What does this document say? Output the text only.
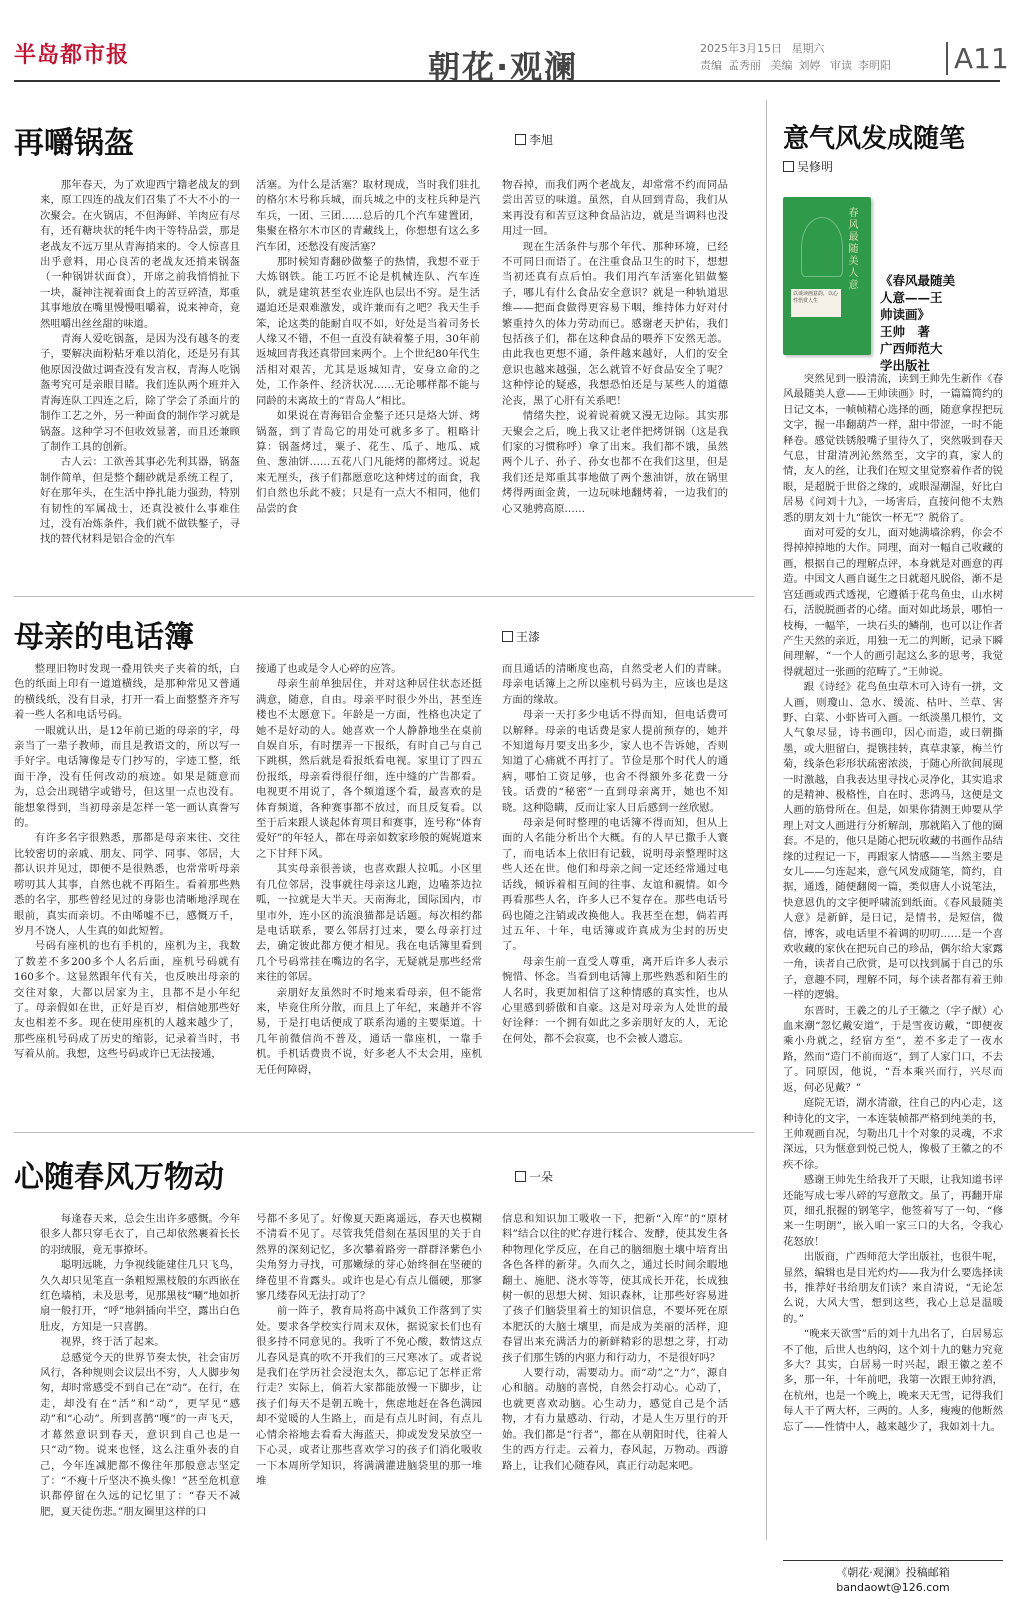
半岛都市报	朝花·观澜	2025年3月15日 星期六
责编 孟秀丽 美编 刘婷 审读 李明阳 A11
再嚼锅盔	李旭

那年春天，为了欢迎西宁籍老战友的到来，原工四连的战友们召集了不大不小的一次聚会。在火锅店，不但海鲜、羊肉应有尽有，还有糖块状的牦牛肉干等特品尝，那是老战友不远万里从青海捎来的。令人惊喜且出乎意料，用心良苦的老战友还捎来锅盔（一种锅饼状面食），开席之前我悄悄扯下一块，凝神注视着面食上的苦豆碎渣，郑重其事地放在嘴里慢慢咀嚼着，说来神奇，竟然咀嚼出丝丝甜的味道。

青海人爱吃锅盔，是因为没有越冬的麦子，要解决面粉粘牙难以消化，还是另有其他原因没做过调查没有发言权，青海人吃锅盔考究可是亲眼目睹。我们连队两个班并入青海连队工四连之后，除了学会了杀面片的制作工艺之外，另一种面食的制作学习就是锅盔。这种学习不但收效显著，而且还兼顾了制作工具的创新。

古人云：工欲善其事必先利其器，锅盔制作简单，但是整个翻砂就是系统工程了，好在那年头，在生活中挣扎能力强劲，特别有韧性的军属战士，还真没被什么事难住过，没有冶炼条件，我们就不做铁鏊子，寻找的替代材料是铝合金的汽车

活塞。为什么是活塞？取材现成，当时我们驻扎的格尔木号称兵城，而兵城之中的支柱兵种是汽车兵，一团、三团……总后的几个汽车建置团，集聚在格尔木市区的青藏线上，你想想有这么多汽车团，还愁没有废活塞？

那时候知青翻砂做鏊子的热情，我想不亚于大炼钢铁。能工巧匠不论是机械连队、汽车连队，就是建筑甚至农业连队也层出不穷。是生活逼迫还是艰难激发，或许兼而有之吧？我天生手笨，论这类的能耐自叹不如，好处是当着司务长人缘又不错，不但一直没有缺着鏊子用，30年前返城回青我还真带回来两个。上个世纪80年代生活相对艰苦，尤其是返城知青，安身立命的之处，工作条件、经济状况……无论哪样都不能与同龄的未离故土的“青岛人”相比。

如果说在青海铝合金鏊子还只是烙大饼、烤锅盔，到了青岛它的用处可就多多了。粗略计算：锅盔烤过，粟子、花生、瓜子、地瓜、咸鱼、葱油饼……五花八门凡能烤的都烤过。说起来无厘头，孩子们都愿意吃这种烤过的面食，我们自然也乐此不疲；只是有一点大不相同，他们品尝的食

物吞掉，而我们两个老战友，却常常不约而同品尝出苦豆的味道。虽然，自从回到青岛，我们从来再没有和苦豆这种食品沾边，就是当调料也没用过一回。

现在生活条件与那个年代、那种环境，已经不可同日而语了。在注重食品卫生的时下，想想当初还真有点后怕。我们用汽车活塞化铝做鏊子，哪儿有什么食品安全意识？就是一种轨道思维——把面食做得更容易下咽，维持体力好对付繁重持久的体力劳动而已。感谢老天护佑，我们包括孩子们，都在这种食品的喂养下安然无恙。由此我也更想不通，条件越来越好，人们的安全意识也越来越强，怎么就管不好食品安全了呢？这种悖论的疑惑，我想恐怕还是与某些人的道德沦丧，黑了心肝有关系吧！

情绪失控，说着说着就又漫无边际。其实那天聚会之后，晚上我又让老伴把烤饼锅（这是我们家的习惯称呼）拿了出来。我们都不饿，虽然两个儿子、孙子、孙女也都不在我们这里，但是我们还是郑重其事地做了两个葱油饼，放在锅里烤得两面金黄，一边玩味地翻烤着，一边我们的心又驰骋高原……

母亲的电话簿	王漆

整理旧物时发现一叠用铁夹子夹着的纸，白色的纸面上印有一道道横线，是那种常见又普通的横线纸，没有目录，打开一看上面整整齐齐写着一些人名和电话号码。

一眼就认出，是12年前已逝的母亲的字，母亲当了一辈子教师，而且是教语文的，所以写一手好字。电话簿像是专门抄写的，字迹工整，纸面干净，没有任何改动的痕迹。如果是随意而为，总会出现错字或错号，但这里一点也没有。能想象得到，当初母亲是怎样一笔一画认真誊写的。

有许多名字很熟悉，那都是母亲来往、交往比较密切的亲戚、朋友、同学、同事、邻居，大都认识并见过，即便不是很熟悉，也常常听母亲唠叨其人其事，自然也就不再陌生。看着那些熟悉的名字，那些曾经见过的身影也清晰地浮现在眼前，真实而亲切。不由唏嘘不已，感慨万千，岁月不饶人，人生真的如此短暂。

号码有座机的也有手机的，座机为主，我数了数差不多200多个人名后面，座机号码就有160多个。这显然跟年代有关，也反映出母亲的交往对象，大都以居家为主，且都不是小年纪了。母亲假如在世，正好是百岁，相信她那些好友也相差不多。现在使用座机的人越来越少了，那些座机号码成了历史的缩影，记录着当时，书写着从前。我想，这些号码或许已无法接通，

接通了也或是令人心碎的应答。

母亲生前单独居住，并对这种居住状态还挺满意，随意，自由。母亲平时很少外出，甚至连楼也不太愿意下。年龄是一方面，性格也决定了她不是好动的人。她喜欢一个人静静地坐在桌前自娱自乐，有时摆弄一下报纸，有时自己与自己下跳棋，然后就是看报纸看电视。家里订了四五份报纸，母亲看得很仔细，连中缝的广告都看。电视更不用说了，各个频道逐个看，最喜欢的是体育频道，各种赛事都不放过，而且反复看。以至于后来跟人谈起体育项目和赛事，连号称“体育爱好”的年轻人，都在母亲如数家珍般的娓娓道来之下甘拜下风。

其实母亲很善谈，也喜欢跟人拉呱。小区里有几位邻居，没事就往母亲这儿跑，边嗑茶边拉呱，一拉就是大半天。天南海北，国际国内，市里市外，连小区的流浪猫都是话题。每次相约都是电话联系，要么邻居打过来，要么母亲打过去，确定彼此都方便才相见。我在电话簿里看到几个号码常挂在嘴边的名字，无疑就是那些经常来往的邻居。

亲朋好友虽然时不时地来看母亲，但不能常来，毕竟住所分散，而且上了年纪，来趟并不容易，于是打电话便成了联系沟通的主要渠道。十几年前微信尚不普及，通话一靠座机，一靠手机。手机话费贵不说，好多老人不太会用，座机无任何障碍，

而且通话的清晰度也高，自然受老人们的青睐。母亲电话簿上之所以座机号码为主，应该也是这方面的缘故。

母亲一天打多少电话不得而知，但电话费可以解释。母亲的电话费是家人提前预存的，她并不知道每月要支出多少，家人也不告诉她，否则知道了心痛就不再打了。节俭是那个时代人的通病，哪怕工资足够，也舍不得额外多花费一分钱。话费的“秘密”一直到母亲离开，她也不知晓。这种隐瞒，反而让家人日后感到一丝欣慰。

母亲是何时整理的电话簿不得而知，但从上面的人名能分析出个大概。有的人早已撒手人寰了，而电话本上依旧有记载，说明母亲整理时这些人还在世。他们和母亲之间一定还经常通过电话线，倾诉着相互间的往事、友谊和親情。如今再看那些人名，许多人已不复存在。那些电话号码也随之注销或改换他人。我甚至在想，倘若再过五年、十年，电话簿或许真成为尘封的历史了。

母亲生前一直受人尊重，离开后许多人表示惋惜、怀念。当看到电话簿上那些熟悉和陌生的人名时，我更加相信了这种情感的真实性，也从心里感到骄傲和自豪。这是对母亲为人处世的最好诠释：一个拥有如此之多亲朋好友的人，无论在何处，都不会寂寞，也不会被人遗忘。

心随春风万物动	一朵

每逢春天来，总会生出许多感慨。今年很多人都只穿毛衣了，自己却依然裹着长长的羽绒服，竟无事撩坏。

聪明远眺，力争视线能建住几只飞鸟，久久却只见笔直一条粗短黑枝般的东西嵌在红色墙梢，未及思考，见那黑枝“唰”地如折扇一般打开，“呼”地斜插向半空，露出白色肚皮，方知是一只喜鹊。

视界，终于活了起来。

总感觉今天的世界节奏太快，社会宙厉风行，各种规则会议层出不穷，人人脚步匆匆，却时常感受不到自己在“动”。在行，在走，却没有在“活”和“动”，更罕见“感动”和“心动”。所到喜鹊“嘎”的一声飞天，才幕然意识到春天，意识到自己也是一只“动”物。说来也怪，这么注重外表的自己，今年连减肥都不像往年那般意志坚定了：“不瘦十斤坚决不换头像！”甚至危机意识都停留在久远的记忆里了：“春天不减肥，夏天徒伤悲。”朋友圈里这样的口

号都不多见了。好像夏天距离遥远，春天也模糊不清看不见了。尽管我凭借刻在基因里的关于自然界的深刻记忆，多次攀着路旁一群群泽紫色小尖角努力寻找，可那嫩绿的芽心始终徊在坚硬的绛苞里不肯露头。或许也是心有点儿僵硬，那寥寥几缕春风无法打动了？

前一阵子，教育局将高中减负工作落到了实处。要求各学校实行周末双休，据说家长们也有很多持不同意见的。我听了不免心酸，数情这点儿春风是真的吹不开我们的三尺寒冰了。或者说是我们在学历社会浸泡太久，都忘记了怎样正常行走？实际上，倘若大家都能放慢一下脚步，让孩子们每天不是朝五晚十，焦虑地赶在各色满园却不觉暖的人生路上，而是有点儿时间，有点儿心情余裕地去看看大海蓝天，抑或发发呆放空一下心灵，或者让那些喜欢学习的孩子们消化吸收一下本周所学知识，将满满灌进脑袋里的那一堆堆

信息和知识加工吸收一下，把新“入库”的“原材料”结合以往的贮存进行糅合、发酵，使其发生各种物理化学反应，在自己的脑细胞土壤中培育出各色各样的新芽。久而久之，通过长时间余暇地翻土、施肥、浇水等等，使其成长开花，长成独树一帜的思想大树、知识森林，让那些好容易进了孩子们脑袋里着土的知识信息，不要坏死在原本肥沃的大脑土壤里，而是成为美丽的活样，迎春冒出来充满活力的新鲜精彩的思想之芽，打动孩子们那生锈的内驱力和行动力，不是很好吗？

人要行动，需要动力。而“动”之“力”，源自心和脑。动脑的喜悦，自然会打动心。心动了，也就更喜欢动脑。心生动力，感觉自己是个活物，才有力量感动、行动，才是人生万里行的开始。我们都是“行者”，都在从朝阳时代，往着人生的西方行走。云着力，春风起，万物动。西游路上，让我们心随春风，真正行动起来吧。

意气风发成随笔
吴修明
春风最随美人意
以谈读画意韵，以心性悟赏人生
《春风最随美
人意——王
帅读画》
王帅　著
广西师范大
学出版社

突然见到一股清流，读到王帅先生新作《春风最随美人意——王帅读画》时，一篇篇简约的日记文本，一帧帧精心选择的画，随意拿捏把玩文字，握一串翻葫芦一样，甜中带涩，一时不能释卷。感觉铁锈般嘴子里待久了，突然吸到春天气息，甘甜清冽沁然然至，文字的真，家人的情，友人的丝，让我们在短文里觉察着作者的锐眼，是超脱于世俗之缘的，或眼湿潮湿，好比白居易《问刘十九》，一场害后，直接问他不太熟悉的朋友刘十九“能饮一杯无”？脱俗了。

面对可爱的女儿，面对她满墙涂鸦，你会不得掉掉掉地的大作。同理，面对一幅自己收藏的画，根据自己的理解点评，本身就是对画意的再造。中国文人画自诞生之日就超凡脱俗，渐不是宫廷画或西式透视，它遵循于花鸟鱼虫，山水树石，活脱脱画者的心绪。面对如此场景，哪怕一枝梅，一幅竿，一块石头的鳞削，也可以让作者产生天然的亲近，用独一无二的判断，记录下瞬间理解，“一个人的画引起这么多的思考，我觉得就超过一张画的范畴了。”王帅说。

跟《诗经》花鸟鱼虫草木可入诗有一拼，文人画，则瓊山、急水、缓流、枯叶、兰草、害野、白菜、小虾皆可入画。一纸淡墨几根竹，文人气象尽显，诗书画印，因心而造，或曰朝撕墨，或大胆留白，提镌挂转，真草隶篆，梅兰竹菊，线条色彩形状疏密浓淡，于随心所欲间展现一时激越，自我表达里寻找心灵净化，其实追求的是精神、极格性，自在时、悲鸿马，这便是文人画的筋骨所在。但是，如果你猜测王帅要从学理上对文人画进行分析解剖，那就陷入了他的圈套。不是的，他只是随心把玩收藏的书画作品结缘的过程记一下，再跟家人情感——当然主要是女儿——匀连起来，意气风发成随笔，简约，自据，通透，随便翻阅一篇，类似唐人小说笔法，快意恩仇的文字便呼啸流到纸面。《春风最随美人意》是新鲜，是日记，是情书，是短信，微信，博客，或电话里不着调的叨叨……是一个喜欢收藏的家伙在把玩自己的珍品，偶尔给大家露一角，读者自己欣赏，是可以找到属于自己的乐子，意趣不同，理解不同，每个读者都有着王帅一样的逻辑。

东晋时，王羲之的儿子王徽之（字子猷）心血来潮“忽忆戴安道”，于是雪夜访戴，“即便夜乘小舟就之，经宿方至”，差不多走了一夜水路，然而“造门不前而返”，到了人家门口，不去了。同原因，他说，“吾本乘兴而行，兴尽而返，何必见戴？”

庭院无语，湖水清澈，往自己的内心走，这种诗化的文字，一本连装帧都严格到纯美的书，王帅观画自况，匀勒出几十个对象的灵魂，不求深远，只为惬意到悦己悦人，像极了王徽之的不疾不徐。

感谢王帅先生给我开了天眼，让我知道书评还能写成七零八碎的写意散文。虽了，再翻开扉页，细孔抿握的钢笔字，他签着写了一句，“修来一生明朗”，嵌入咱一家三口的大名，令我心花怒放！

出版商，广西师范大学出版社，也很牛呢，显然，编辑也是目光灼灼——我为什么要选择读书，推荐好书给朋友们读？来自清说，“无论怎么说，大风大雪，想到这些，我心上总是温暖的。”

“晚来天欲雪”后的刘十九出名了，白居易忘不了他，后世人也纳闷，这个刘十九的魅力究竟多大？其实，白居易一时兴起，跟王徽之差不多，那一年，十年前吧，我第一次跟王帅狩酒，在杭州，也是一个晚上，晚来天无雪，记得我们每人干了两大杯，三两的。人多，瘦瘦的他断然忘了——性情中人，越来越少了，我如刘十九。

《朝花·观澜》投稿邮箱
bandaowt@126.com
